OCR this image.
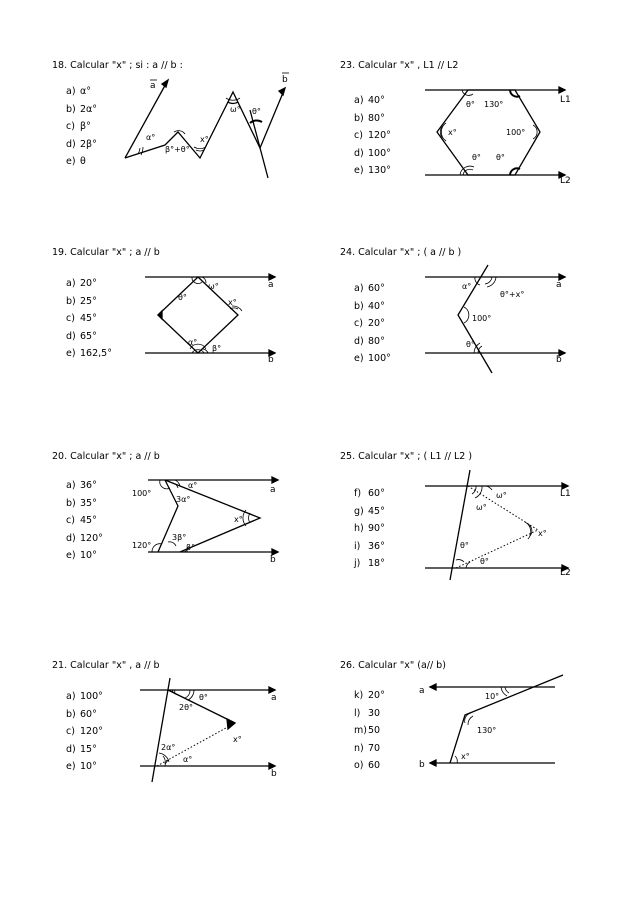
18. Calcular "x" ; si : a // b :
a) α°
b) 2α°
c) β°
d) 2β°
e) θ
a
b
α°
β°+θ°
x°
ω° θ°
23. Calcular "x" , L1 // L2
a) 40°
b) 80°
c) 120°
d) 100°
e) 130°
L1
L2
θ° 130°
x°	100°
θ° θ°
19. Calcular "x" ; a // b
a) 20°
b) 25°
c) 45°
d) 65°
e) 162,5°
a
b
θ°
ω°
x°
α°
β°
24. Calcular "x" ; ( a // b )
a) 60°
b) 40°
c) 20°
d) 80°
e) 100°
a
b
α°
θ°+x°
100°
θ°
20. Calcular "x" ; a // b
a) 36°
b) 35°
c) 45°
d) 120°
e) 10°
a
b
100°
3α°
α°
x°
120°
3β°
β°
25. Calcular "x" ; ( L1 // L2 )
f) 60°
g) 45°
h) 90°
i) 36°
j) 18°
L1
L2
ω°
ω°
x°
θ°
θ°
21. Calcular "x" , a // b
a) 100°
b) 60°
c) 120°
d) 15°
e) 10°
a
b
2θ°
θ°
x°
2α°
α°
26. Calcular "x" (a// b)
k) 20°
l) 30
m)50
n) 70
o) 60
a
b
10°
130°
x°
